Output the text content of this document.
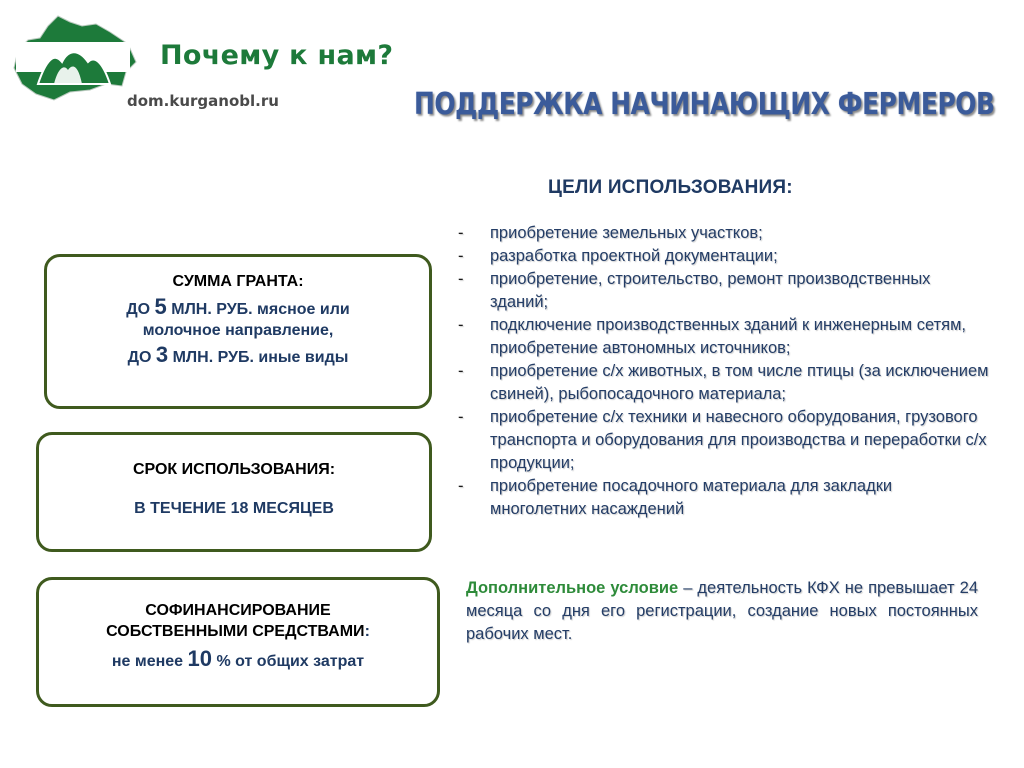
Почему к нам?
dom.kurganobl.ru	ПОДДЕРЖКА НАЧИНАЮЩИХ ФЕРМЕРОВ
СУММА ГРАНТА:
ДО 5 МЛН. РУБ. мясное или
молочное направление,
ДО 3 МЛН. РУБ. иные виды
СРОК ИСПОЛЬЗОВАНИЯ:
В ТЕЧЕНИЕ 18 МЕСЯЦЕВ
СОФИНАНСИРОВАНИЕ
СОБСТВЕННЫМИ СРЕДСТВАМИ:
не менее 10 % от общих затрат
ЦЕЛИ ИСПОЛЬЗОВАНИЯ:
- приобретение земельных участков;
- разработка проектной документации;
- приобретение, строительство, ремонт производственных зданий;
- подключение производственных зданий к инженерным сетям, приобретение автономных источников;
- приобретение с/х животных, в том числе птицы (за исключением свиней), рыбопосадочного материала;
- приобретение с/х техники и навесного оборудования, грузового транспорта и оборудования для производства и переработки с/х продукции;
- приобретение посадочного материала для закладки многолетних насаждений
Дополнительное условие – деятельность КФХ не превышает 24 месяца со дня его регистрации, создание новых постоянных рабочих мест.
